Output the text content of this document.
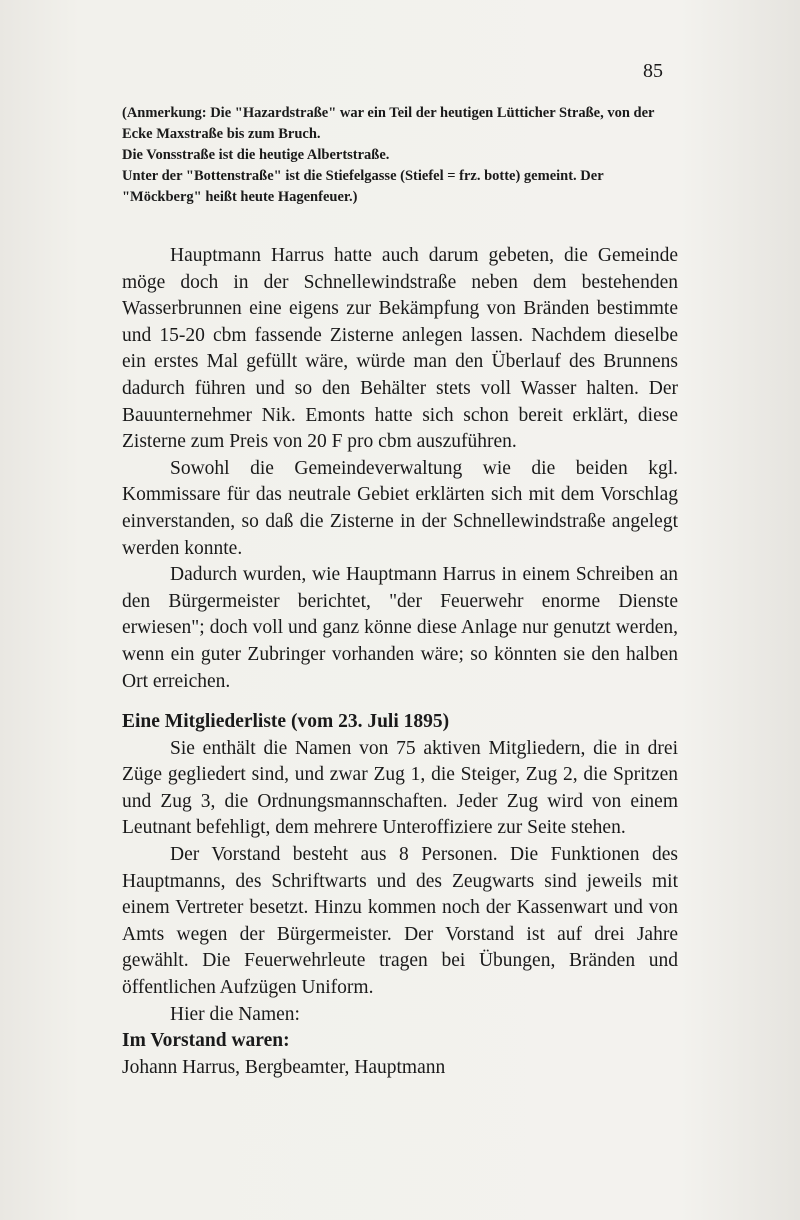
85

(Anmerkung: Die "Hazardstraße" war ein Teil der heutigen Lütticher Straße, von der Ecke Maxstraße bis zum Bruch.

Die Vonsstraße ist die heutige Albertstraße.

Unter der "Bottenstraße" ist die Stiefelgasse (Stiefel = frz. botte) gemeint. Der "Möckberg" heißt heute Hagenfeuer.)

Hauptmann Harrus hatte auch darum gebeten, die Gemeinde möge doch in der Schnellewindstraße neben dem bestehenden Wasserbrunnen eine eigens zur Bekämpfung von Bränden bestimmte und 15-20 cbm fassende Zisterne anlegen lassen. Nachdem dieselbe ein erstes Mal gefüllt wäre, würde man den Überlauf des Brunnens dadurch führen und so den Behälter stets voll Wasser halten. Der Bauunternehmer Nik. Emonts hatte sich schon bereit erklärt, diese Zisterne zum Preis von 20 F pro cbm auszuführen.

Sowohl die Gemeindeverwaltung wie die beiden kgl. Kommissare für das neutrale Gebiet erklärten sich mit dem Vorschlag einverstanden, so daß die Zisterne in der Schnellewindstraße angelegt werden konnte.

Dadurch wurden, wie Hauptmann Harrus in einem Schreiben an den Bürgermeister berichtet, "der Feuerwehr enorme Dienste erwiesen"; doch voll und ganz könne diese Anlage nur genutzt werden, wenn ein guter Zubringer vorhanden wäre; so könnten sie den halben Ort erreichen.

Eine Mitgliederliste (vom 23. Juli 1895)

Sie enthält die Namen von 75 aktiven Mitgliedern, die in drei Züge gegliedert sind, und zwar Zug 1, die Steiger, Zug 2, die Spritzen und Zug 3, die Ordnungsmannschaften. Jeder Zug wird von einem Leutnant befehligt, dem mehrere Unteroffiziere zur Seite stehen.

Der Vorstand besteht aus 8 Personen. Die Funktionen des Hauptmanns, des Schriftwarts und des Zeugwarts sind jeweils mit einem Vertreter besetzt. Hinzu kommen noch der Kassenwart und von Amts wegen der Bürgermeister. Der Vorstand ist auf drei Jahre gewählt. Die Feuerwehrleute tragen bei Übungen, Bränden und öffentlichen Aufzügen Uniform.

Hier die Namen:

Im Vorstand waren:

Johann Harrus, Bergbeamter, Hauptmann
